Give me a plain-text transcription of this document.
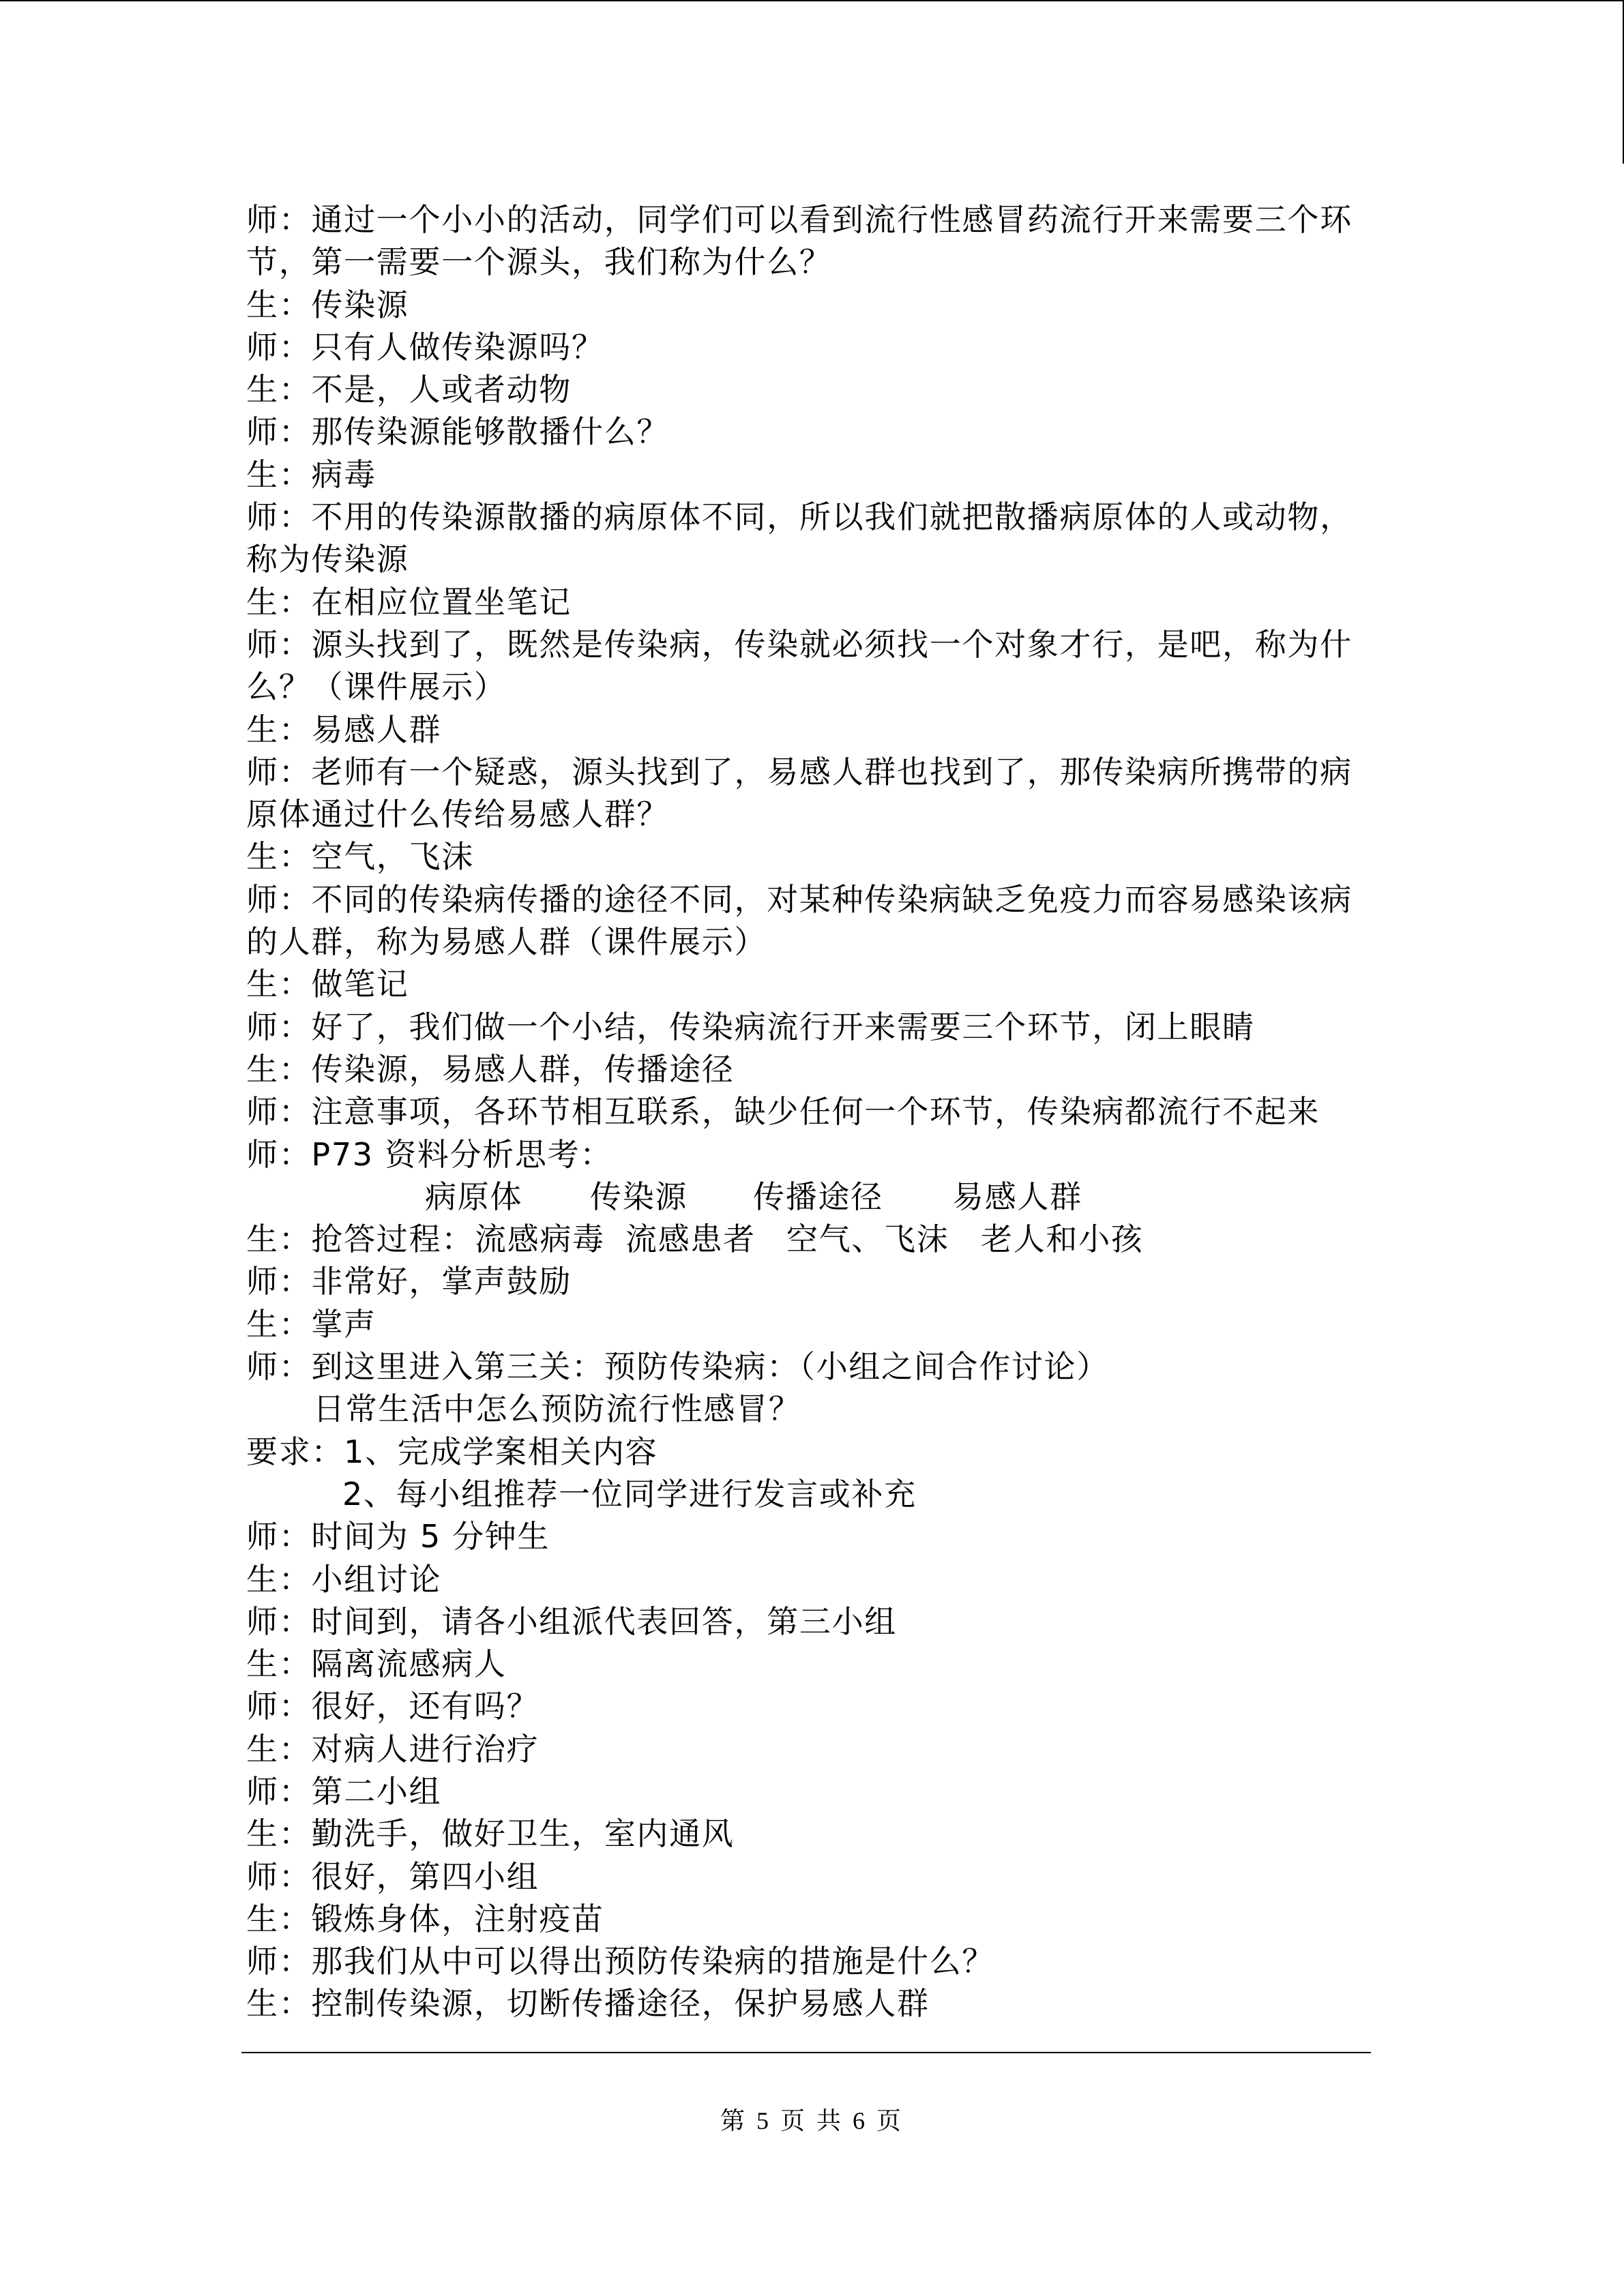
师：通过一个小小的活动，同学们可以看到流行性感冒药流行开来需要三个环
节，第一需要一个源头，我们称为什么？
生：传染源
师：只有人做传染源吗？
生：不是，人或者动物
师：那传染源能够散播什么？
生：病毒
师：不用的传染源散播的病原体不同，所以我们就把散播病原体的人或动物，
称为传染源
生：在相应位置坐笔记
师：源头找到了，既然是传染病，传染就必须找一个对象才行，是吧，称为什
么？（课件展示）
生：易感人群
师：老师有一个疑惑，源头找到了，易感人群也找到了，那传染病所携带的病
原体通过什么传给易感人群？
生：空气，飞沫
师：不同的传染病传播的途径不同，对某种传染病缺乏免疫力而容易感染该病
的人群，称为易感人群（课件展示）
生：做笔记
师：好了，我们做一个小结，传染病流行开来需要三个环节，闭上眼睛
生：传染源，易感人群，传播途径
师：注意事项，各环节相互联系，缺少任何一个环节，传染病都流行不起来
师：P73 资料分析思考：

病原体

传染源

传播途径

易感人群

生：抢答过程：

流感病毒

流感患者

空气、飞沫

老人和小孩

师：非常好，掌声鼓励
生：掌声
师：到这里进入第三关：预防传染病：（小组之间合作讨论）
日常生活中怎么预防流行性感冒？
要求：1、完成学案相关内容
2、每小组推荐一位同学进行发言或补充
师：时间为 5 分钟生
生：小组讨论
师：时间到，请各小组派代表回答，第三小组
生：隔离流感病人
师：很好，还有吗？
生：对病人进行治疗
师：第二小组
生：勤洗手，做好卫生，室内通风
师：很好，第四小组
生：锻炼身体，注射疫苗
师：那我们从中可以得出预防传染病的措施是什么？
生：控制传染源，切断传播途径，保护易感人群
第 5 页 共 6 页
